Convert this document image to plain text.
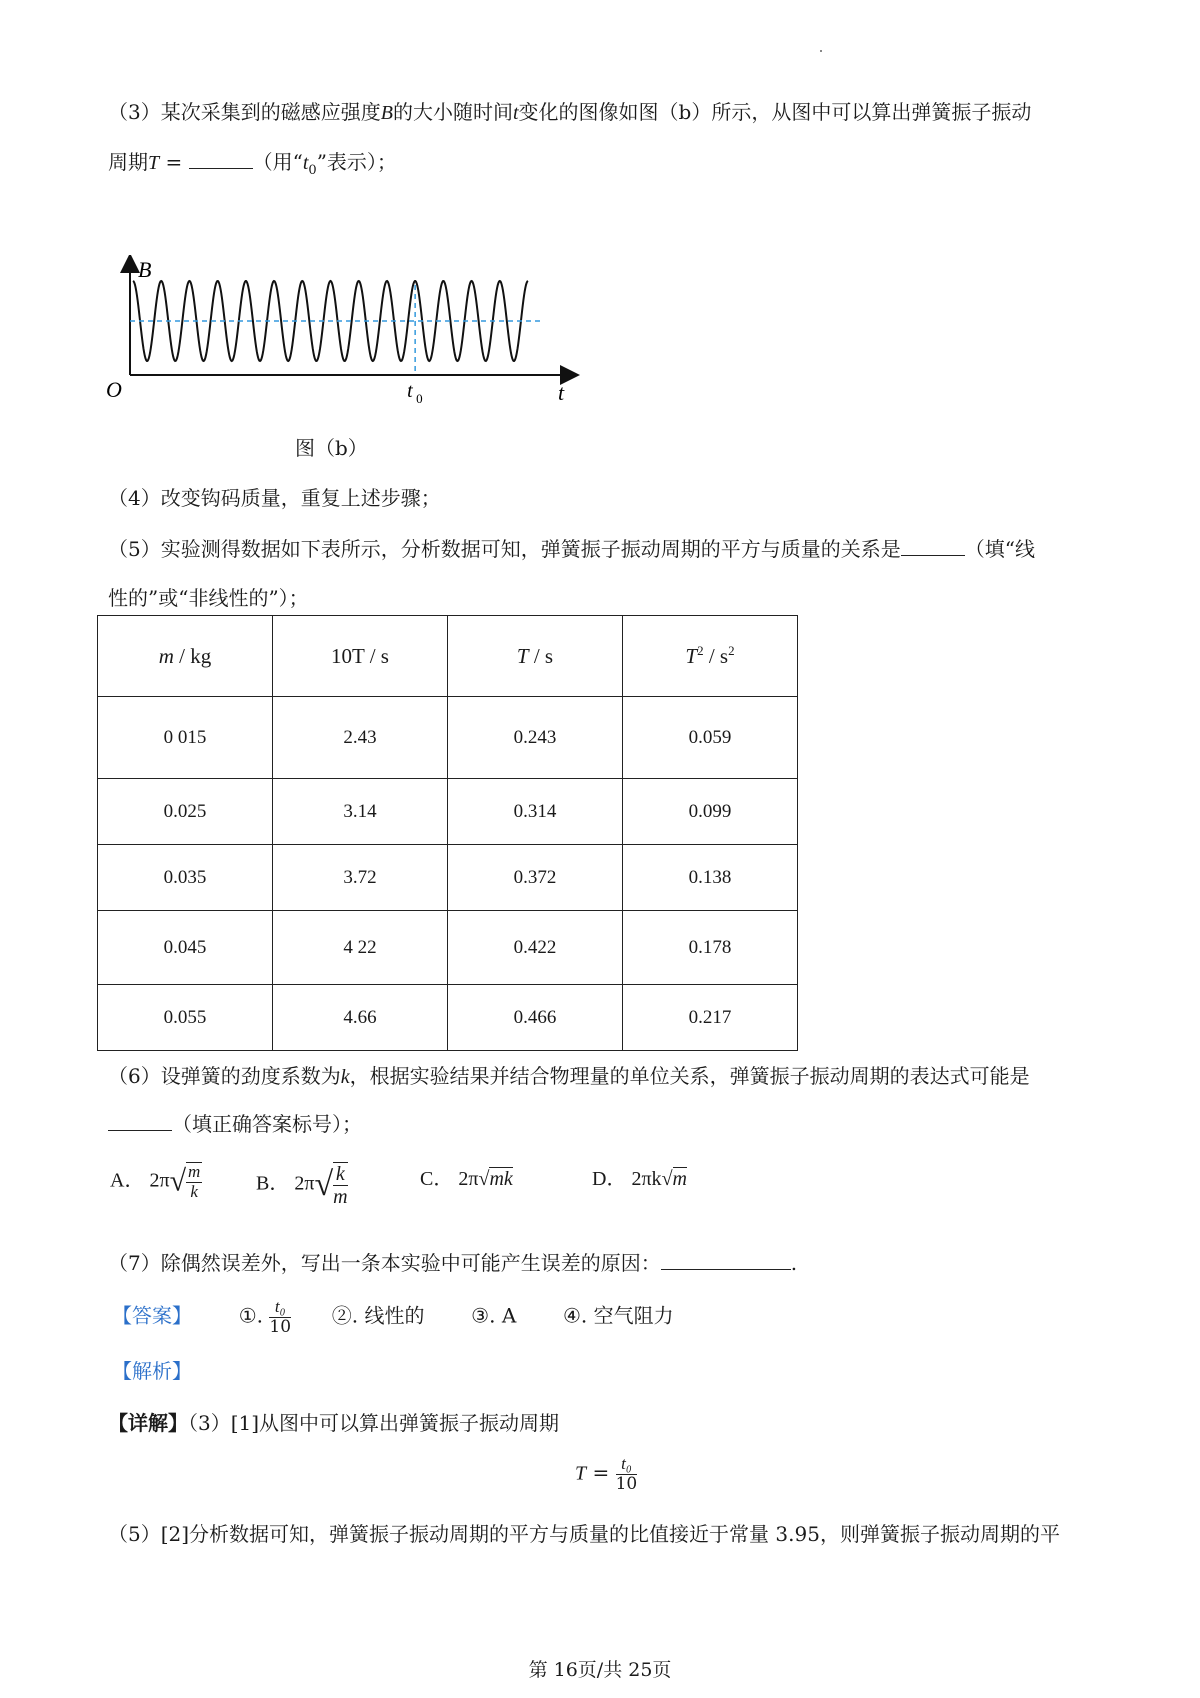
（3）某次采集到的磁感应强度B的大小随时间t变化的图像如图（b）所示，从图中可以算出弹簧振子振动
周期T =	（用“$t_0$”表示）；
B
t
O	t 0
图（b）
（4）改变钩码质量，重复上述步骤；
（5）实验测得数据如下表所示，分析数据可知，弹簧振子振动周期的平方与质量的关系是	（填“线
性的”或“非线性的”）；
m / kg	10T / s	T / s	$T^2 / s^2$
0 015	2.43	0.243	0.059
0.025	3.14	0.314	0.099
0.035	3.72	0.372	0.138
0.045	4 22	0.422	0.178
0.055	4.66	0.466	0.217
（6）设弹簧的劲度系数为k，根据实验结果并结合物理量的单位关系，弹簧振子振动周期的表达式可能是
（填正确答案标号）；
A． $2\pi√ \frac{m}{k}$	B． $2\pi√ \frac{k}{m}$	C． 2π√mk	D． 2πk√m
（7）除偶然误差外，写出一条本实验中可能产生误差的原因：	.
【答案】 ①. $\frac{\text{t₀}}{10}$ ②. 线性的 ③. A ④. 空气阻力
【解析】
【详解】（3）[1]从图中可以算出弹簧振子振动周期
$T = \frac{\text{t₀}}{10}$
（5）[2]分析数据可知，弹簧振子振动周期的平方与质量的比值接近于常量 3.95，则弹簧振子振动周期的平
第 16页/共 25页
